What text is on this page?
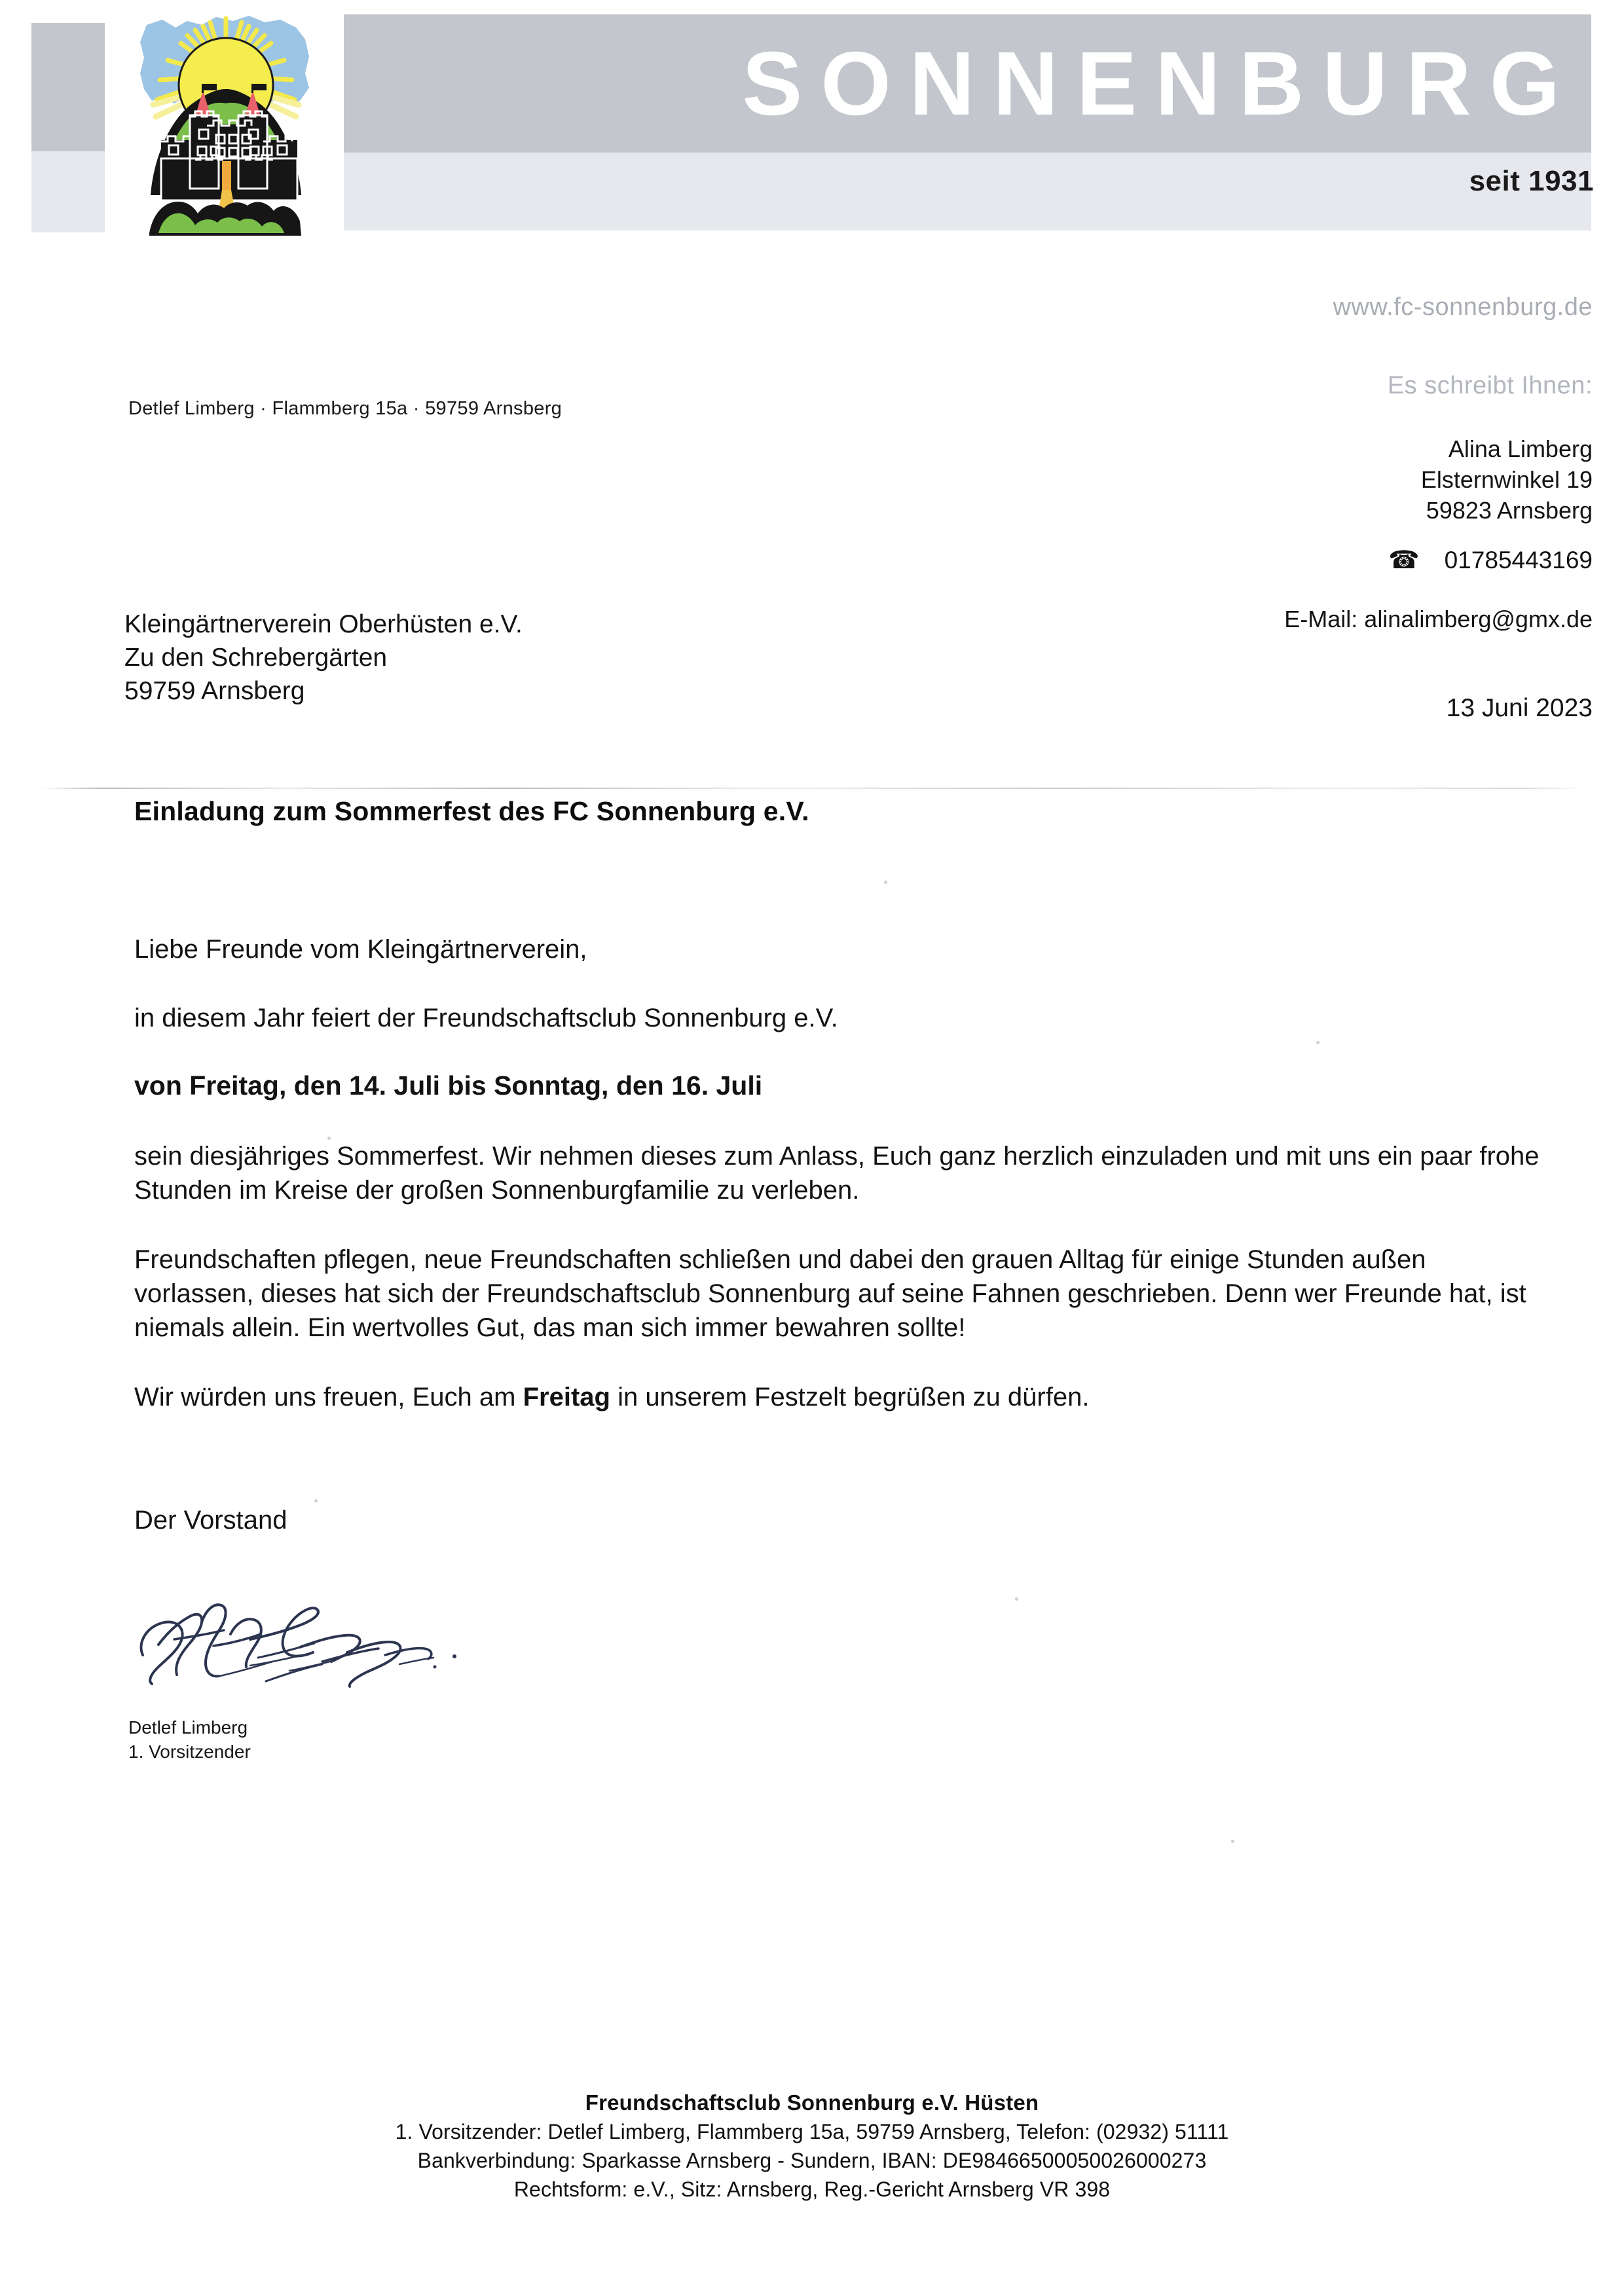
SONNENBURG
seit 1931
www.fc-sonnenburg.de
Es schreibt Ihnen:
Alina Limberg
Elsternwinkel 19
59823 Arnsberg
☎ 01785443169
E-Mail: alinalimberg@gmx.de
13 Juni 2023
Detlef Limberg · Flammberg 15a · 59759 Arnsberg
Kleingärtnerverein Oberhüsten e.V.
Zu den Schrebergärten
59759 Arnsberg
Einladung zum Sommerfest des FC Sonnenburg e.V.
Liebe Freunde vom Kleingärtnerverein,
in diesem Jahr feiert der Freundschaftsclub Sonnenburg e.V.
von Freitag, den 14. Juli bis Sonntag, den 16. Juli
sein diesjähriges Sommerfest. Wir nehmen dieses zum Anlass, Euch ganz herzlich einzuladen und mit uns ein paar frohe Stunden im Kreise der großen Sonnenburgfamilie zu verleben.
Freundschaften pflegen, neue Freundschaften schließen und dabei den grauen Alltag für einige Stunden außen vorlassen, dieses hat sich der Freundschaftsclub Sonnenburg auf seine Fahnen geschrieben. Denn wer Freunde hat, ist niemals allein. Ein wertvolles Gut, das man sich immer bewahren sollte!
Wir würden uns freuen, Euch am Freitag in unserem Festzelt begrüßen zu dürfen.
Der Vorstand
Detlef Limberg
1. Vorsitzender
Freundschaftsclub Sonnenburg e.V. Hüsten
1. Vorsitzender: Detlef Limberg, Flammberg 15a, 59759 Arnsberg, Telefon: (02932) 51111
Bankverbindung: Sparkasse Arnsberg - Sundern, IBAN: DE98466500050026000273
Rechtsform: e.V., Sitz: Arnsberg, Reg.-Gericht Arnsberg VR 398
